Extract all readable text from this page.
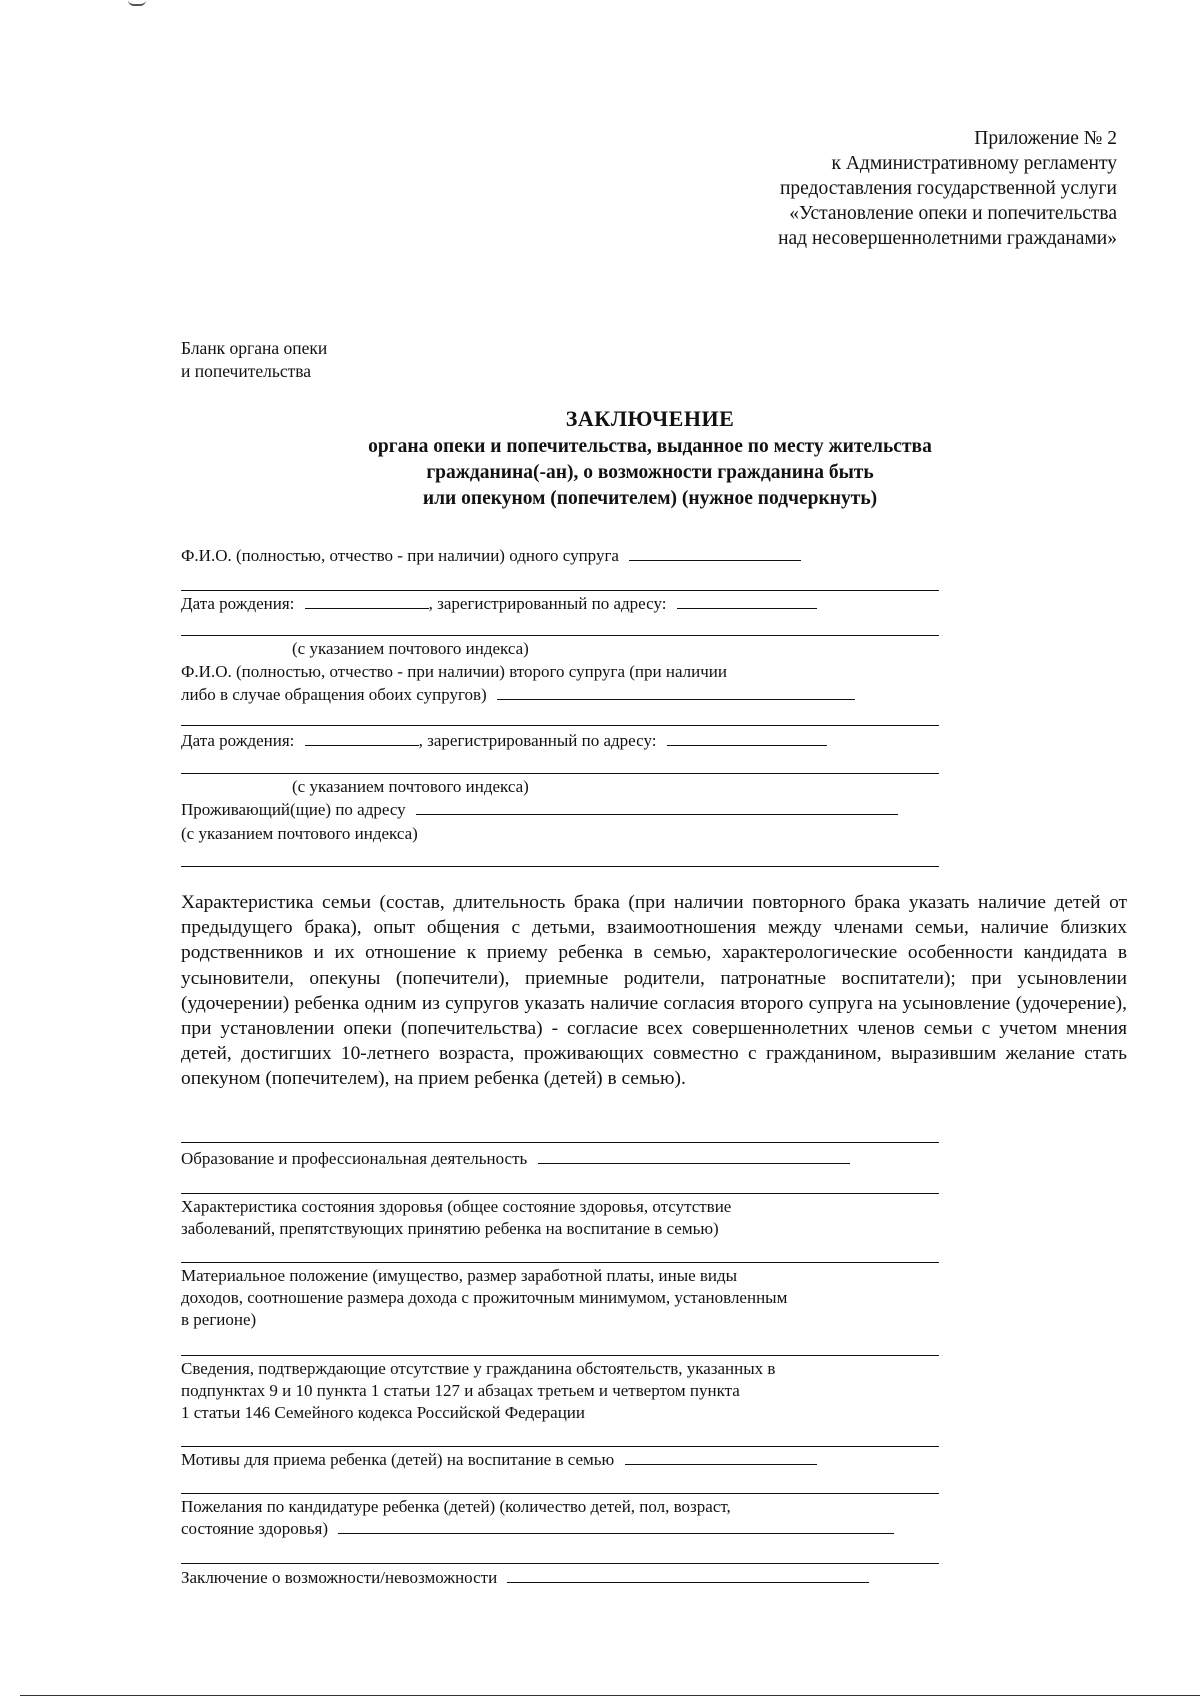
Приложение № 2
к Административному регламенту
предоставления государственной услуги
«Установление опеки и попечительства
над несовершеннолетними гражданами»
Бланк органа опеки
и попечительства
ЗАКЛЮЧЕНИЕ
органа опеки и попечительства, выданное по месту жительства
гражданина(-ан), о возможности гражданина быть
или опекуном (попечителем) (нужное подчеркнуть)
Ф.И.О. (полностью, отчество - при наличии) одного супруга
Дата рождения:	, зарегистрированный по адресу:
(с указанием почтового индекса)
Ф.И.О. (полностью, отчество - при наличии) второго супруга (при наличии
либо в случае обращения обоих супругов)
Дата рождения:	, зарегистрированный по адресу:
(с указанием почтового индекса)
Проживающий(щие) по адресу
(с указанием почтового индекса)
Характеристика семьи (состав, длительность брака (при наличии повторного брака указать наличие детей от предыдущего брака), опыт общения с детьми, взаимоотношения между членами семьи, наличие близких родственников и их отношение к приему ребенка в семью, характерологические особенности кандидата в усыновители, опекуны (попечители), приемные родители, патронатные воспитатели); при усыновлении (удочерении) ребенка одним из супругов указать наличие согласия второго супруга на усыновление (удочерение), при установлении опеки (попечительства) - согласие всех совершеннолетних членов семьи с учетом мнения детей, достигших 10-летнего возраста, проживающих совместно с гражданином, выразившим желание стать опекуном (попечителем), на прием ребенка (детей) в семью).
Образование и профессиональная деятельность
Характеристика состояния здоровья (общее состояние здоровья, отсутствие
заболеваний, препятствующих принятию ребенка на воспитание в семью)
Материальное положение (имущество, размер заработной платы, иные виды
доходов, соотношение размера дохода с прожиточным минимумом, установленным
в регионе)
Сведения, подтверждающие отсутствие у гражданина обстоятельств, указанных в
подпунктах 9 и 10 пункта 1 статьи 127 и абзацах третьем и четвертом пункта
1 статьи 146 Семейного кодекса Российской Федерации
Мотивы для приема ребенка (детей) на воспитание в семью
Пожелания по кандидатуре ребенка (детей) (количество детей, пол, возраст,
состояние здоровья)
Заключение о возможности/невозможности
